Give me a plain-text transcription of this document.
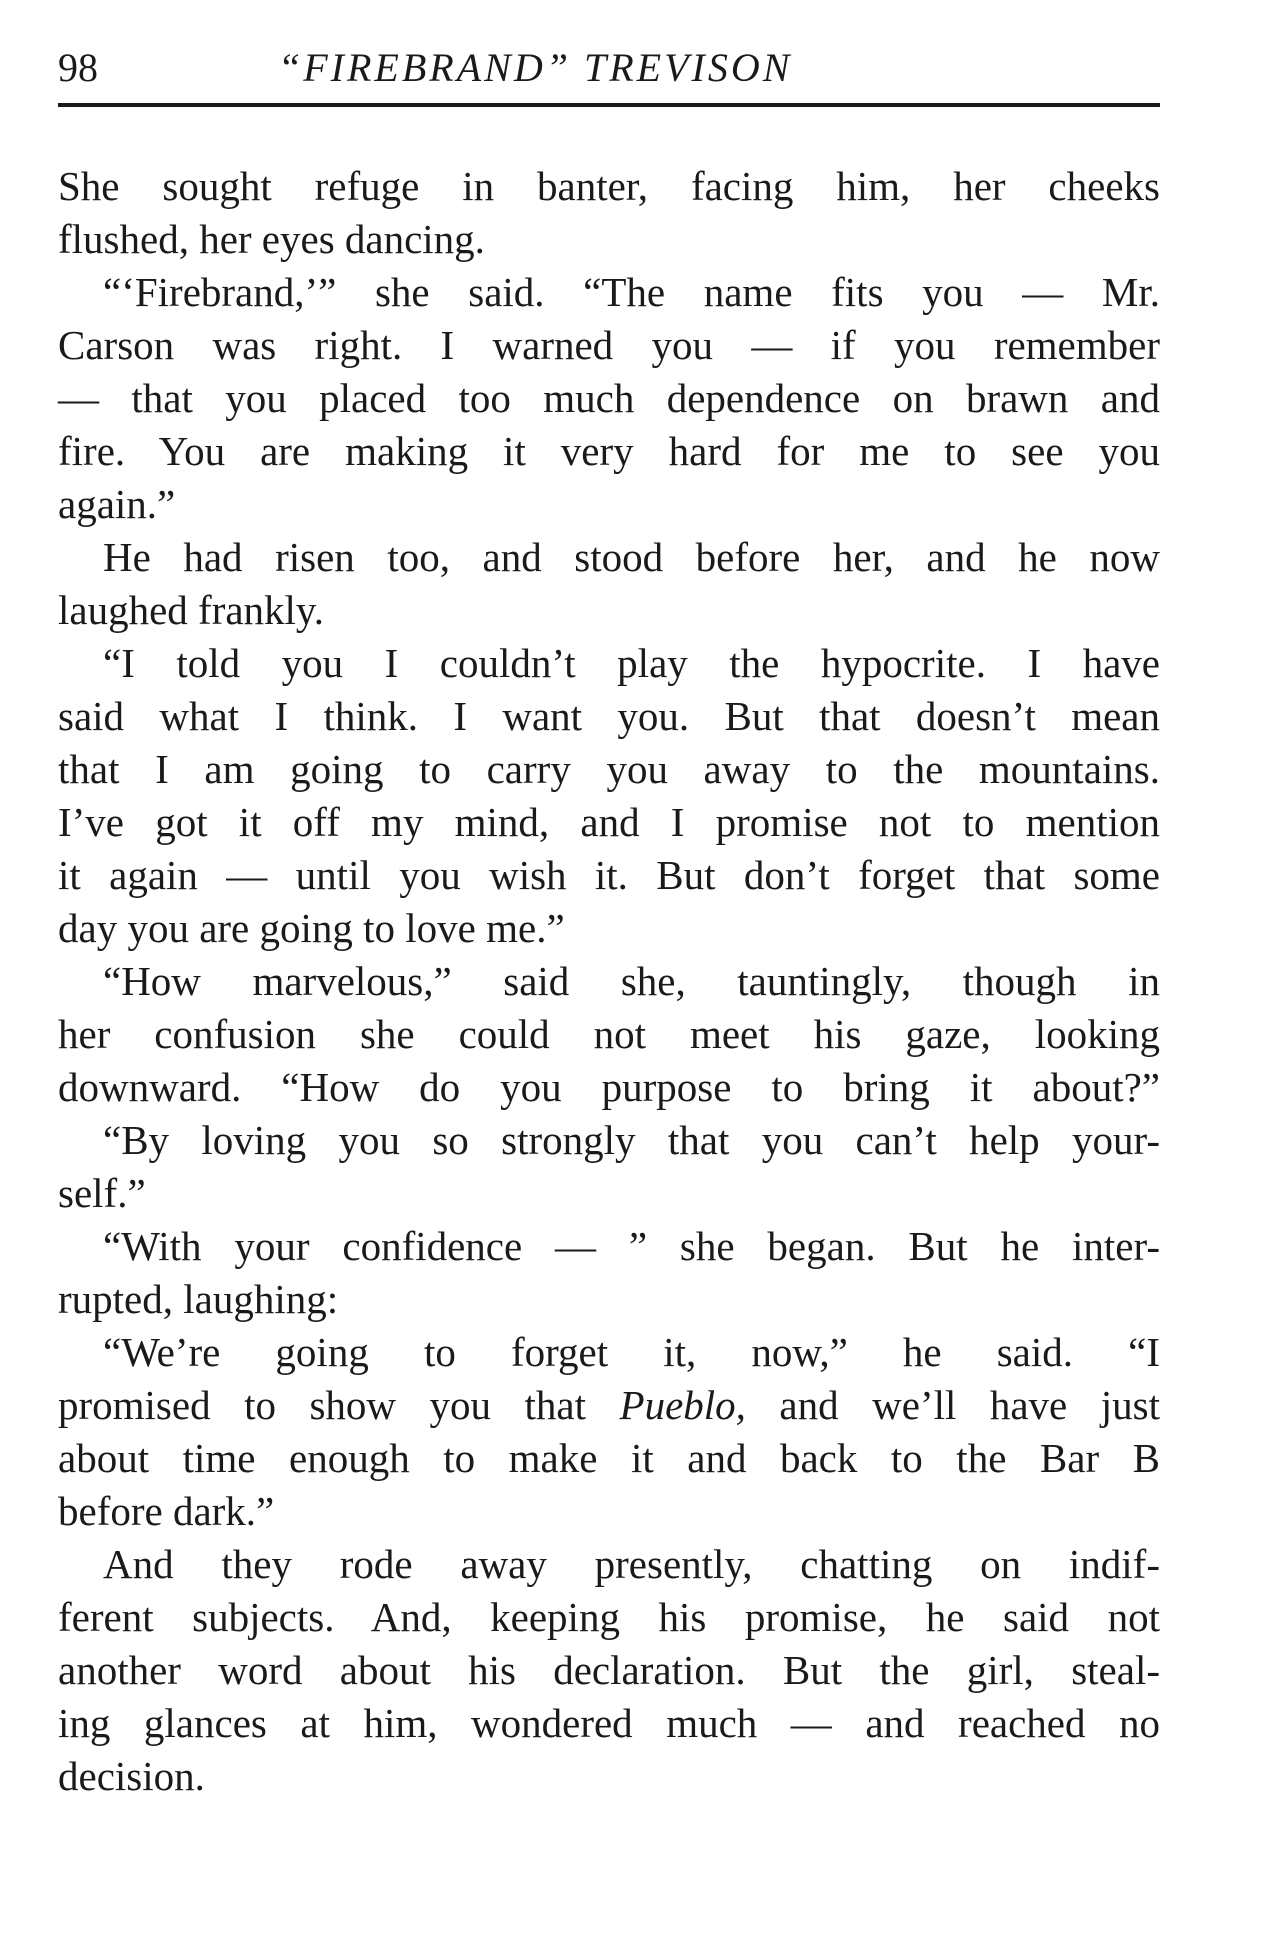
98	“FIREBRAND” TREVISON
She sought refuge in banter, facing him, her cheeks
flushed, her eyes dancing.
“‘Firebrand,’” she said. “The name fits you — Mr.
Carson was right. I warned you — if you remember
— that you placed too much dependence on brawn and
fire. You are making it very hard for me to see you
again.”
He had risen too, and stood before her, and he now
laughed frankly.
“I told you I couldn’t play the hypocrite. I have
said what I think. I want you. But that doesn’t mean
that I am going to carry you away to the mountains.
I’ve got it off my mind, and I promise not to mention
it again — until you wish it. But don’t forget that some
day you are going to love me.”
“How marvelous,” said she, tauntingly, though in
her confusion she could not meet his gaze, looking
downward. “How do you purpose to bring it about?”
“By loving you so strongly that you can’t help your-
self.”
“With your confidence — ” she began. But he inter-
rupted, laughing:
“We’re going to forget it, now,” he said. “I
promised to show you that Pueblo, and we’ll have just
about time enough to make it and back to the Bar B
before dark.”
And they rode away presently, chatting on indif-
ferent subjects. And, keeping his promise, he said not
another word about his declaration. But the girl, steal-
ing glances at him, wondered much — and reached no
decision.
